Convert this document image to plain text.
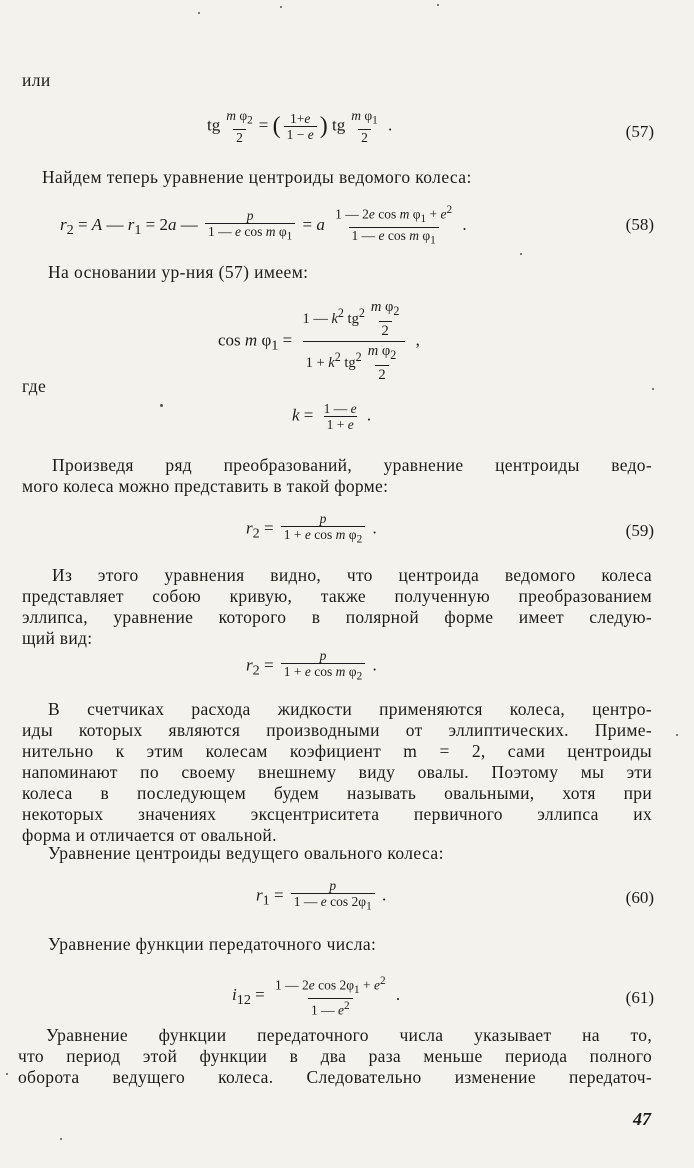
или
tg $\frac{m \varphi_2}{2}$ = ( $\frac{1+e}{1 - e}$ ) tg $\frac{m \varphi_1}{2}$ .	(57)
Найдем теперь уравнение центроиды ведомого колеса:
$r_2 = A$ — $r_1 = 2a$ — $\frac{p}{1 — e \cos m \varphi_1} = a \frac{1 — 2e \cos m \varphi_1 + e^2}{1 — e \cos m \varphi_1}$ .	(58)
На основании ур-ния (57) имеем:
cos m $\varphi_1 = \frac{1 — k^2 tg^2 \frac{m \varphi_2}{2}}{1 + k^2 tg^2 \frac{m \varphi_2}{2}}$ ,
где
$k = \frac{1 — e}{1 + e}$ .
Произведя ряд преобразований, уравнение центроиды ведо-
мого колеса можно представить в такой форме:
$r_2 = \frac{p}{1 + e \cos m \varphi_2}$ .	(59)
Из этого уравнения видно, что центроида ведомого колеса
представляет собою кривую, также полученную преобразованием
эллипса, уравнение которого в полярной форме имеет следую-
щий вид:
$r_2 = \frac{p}{1 + e \cos m \varphi_2}$ .
В счетчиках расхода жидкости применяются колеса, центро-
иды которых являются производными от эллиптических. Приме-
нительно к этим колесам коэфициент m = 2, сами центроиды
напоминают по своему внешнему виду овалы. Поэтому мы эти
колеса в последующем будем называть овальными, хотя при
некоторых значениях эксцентриситета первичного эллипса их
форма и отличается от овальной.
Уравнение центроиды ведущего овального колеса:
$r_1 = \frac{p}{1 — e \cos 2\varphi_1}$ .	(60)
Уравнение функции передаточного числа:
$i_{12} = \frac{1 — 2e \cos 2\varphi_1 + e^2}{1 — e^2}$ .	(61)
Уравнение функции передаточного числа указывает на то,
что период этой функции в два раза меньше периода полного
оборота ведущего колеса. Следовательно изменение передаточ-
47
